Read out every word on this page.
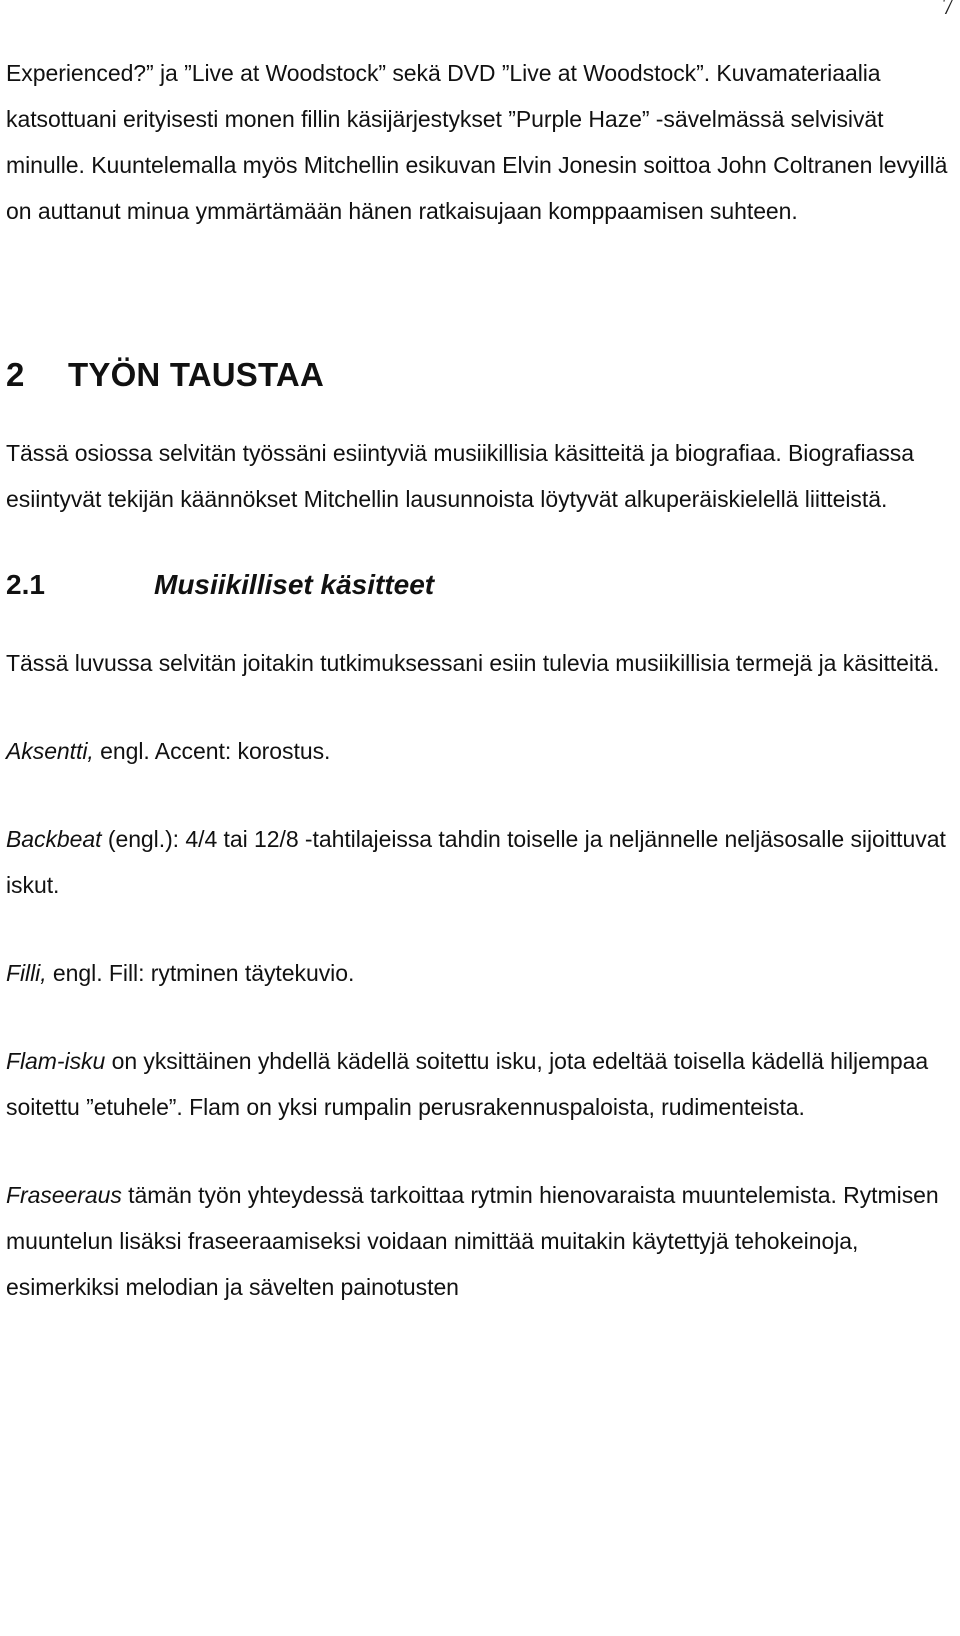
7

Experienced?” ja ”Live at Woodstock” sekä DVD ”Live at Woodstock”. Kuvamateriaalia katsottuani erityisesti monen fillin käsijärjestykset ”Purple Haze” -sävelmässä selvisivät minulle. Kuuntelemalla myös Mitchellin esikuvan Elvin Jonesin soittoa John Coltranen levyillä on auttanut minua ymmärtämään hänen ratkaisujaan komppaamisen suhteen.

2 TYÖN TAUSTAA

Tässä osiossa selvitän työssäni esiintyviä musiikillisia käsitteitä ja biografiaa. Biografiassa esiintyvät tekijän käännökset Mitchellin lausunnoista löytyvät alkuperäiskielellä liitteistä.

2.1	Musiikilliset käsitteet

Tässä luvussa selvitän joitakin tutkimuksessani esiin tulevia musiikillisia termejä ja käsitteitä.

Aksentti, engl. Accent: korostus.

Backbeat (engl.): 4/4 tai 12/8 -tahtilajeissa tahdin toiselle ja neljännelle neljäsosalle sijoittuvat iskut.

Filli, engl. Fill: rytminen täytekuvio.

Flam-isku on yksittäinen yhdellä kädellä soitettu isku, jota edeltää toisella kädellä hiljempaa soitettu ”etuhele”. Flam on yksi rumpalin perusrakennuspaloista, rudimenteista.

Fraseeraus tämän työn yhteydessä tarkoittaa rytmin hienovaraista muuntelemista. Rytmisen muuntelun lisäksi fraseeraamiseksi voidaan nimittää muitakin käytettyjä tehokeinoja, esimerkiksi melodian ja sävelten painotusten
